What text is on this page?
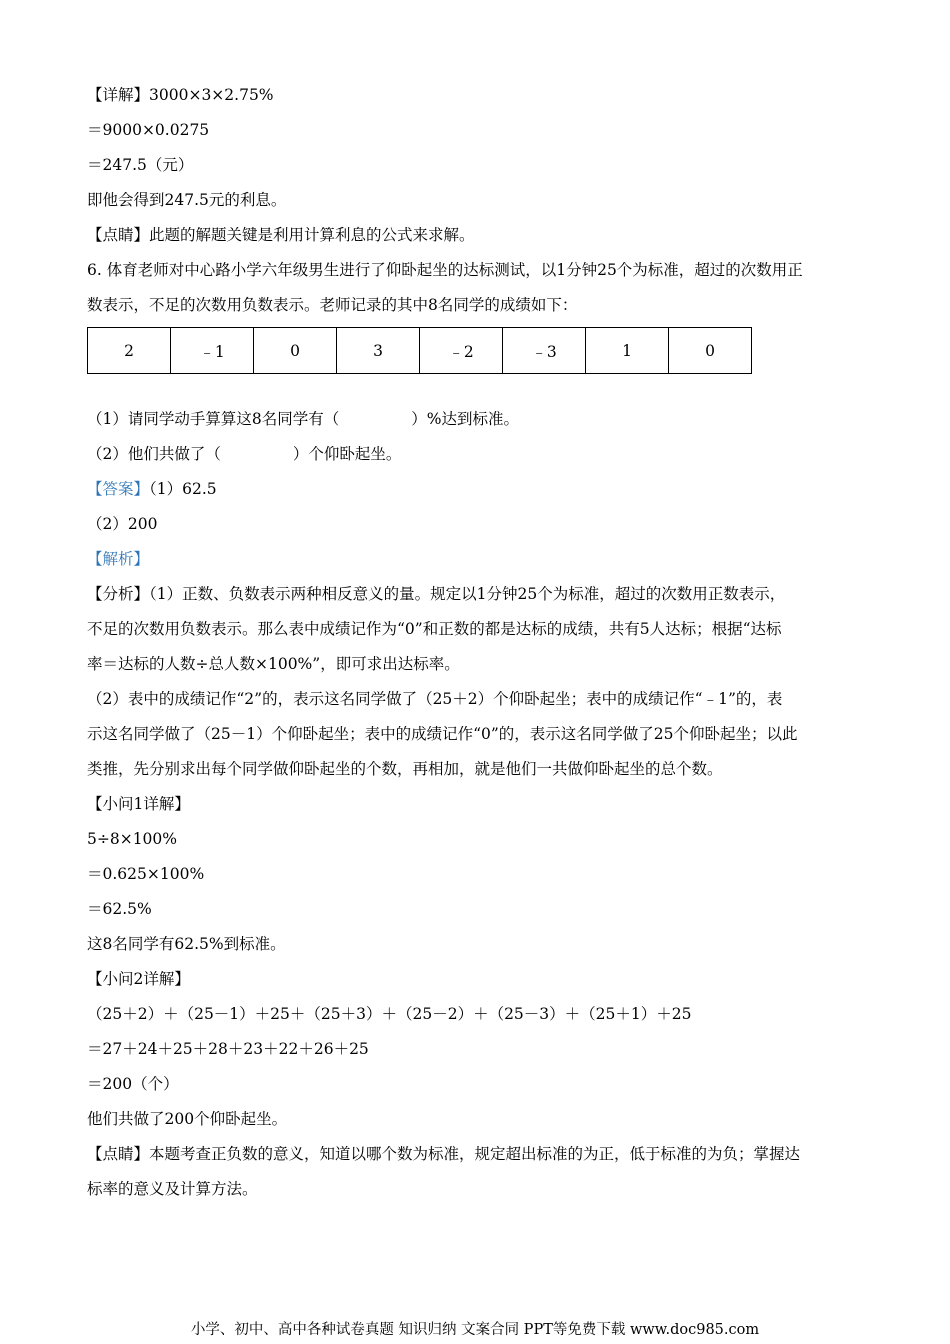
【详解】3000×3×2.75%
＝9000×0.0275
＝247.5（元）
即他会得到247.5元的利息。
【点睛】此题的解题关键是利用计算利息的公式来求解。
6. 体育老师对中心路小学六年级男生进行了仰卧起坐的达标测试，以1分钟25个为标准，超过的次数用正
数表示，不足的次数用负数表示。老师记录的其中8名同学的成绩如下：
2	﹣1	0	3	﹣2	﹣3	1	0
（1）请同学动手算算这8名同学有（	）%达到标准。
（2）他们共做了（	）个仰卧起坐。
【答案】（1）62.5
（2）200
【解析】
【分析】（1）正数、负数表示两种相反意义的量。规定以1分钟25个为标准，超过的次数用正数表示，
不足的次数用负数表示。那么表中成绩记作为“0”和正数的都是达标的成绩，共有5人达标；根据“达标
率＝达标的人数÷总人数×100%”，即可求出达标率。
（2）表中的成绩记作“2”的，表示这名同学做了（25＋2）个仰卧起坐；表中的成绩记作“﹣1”的，表
示这名同学做了（25－1）个仰卧起坐；表中的成绩记作“0”的，表示这名同学做了25个仰卧起坐；以此
类推，先分别求出每个同学做仰卧起坐的个数，再相加，就是他们一共做仰卧起坐的总个数。
【小问1详解】
5÷8×100%
＝0.625×100%
＝62.5%
这8名同学有62.5%到标准。
【小问2详解】
（25＋2）＋（25－1）＋25＋（25＋3）＋（25－2）＋（25－3）＋（25＋1）＋25
＝27＋24＋25＋28＋23＋22＋26＋25
＝200（个）
他们共做了200个仰卧起坐。
【点睛】本题考查正负数的意义，知道以哪个数为标准，规定超出标准的为正，低于标准的为负；掌握达
标率的意义及计算方法。
小学、初中、高中各种试卷真题 知识归纳 文案合同 PPT等免费下载 www.doc985.com
